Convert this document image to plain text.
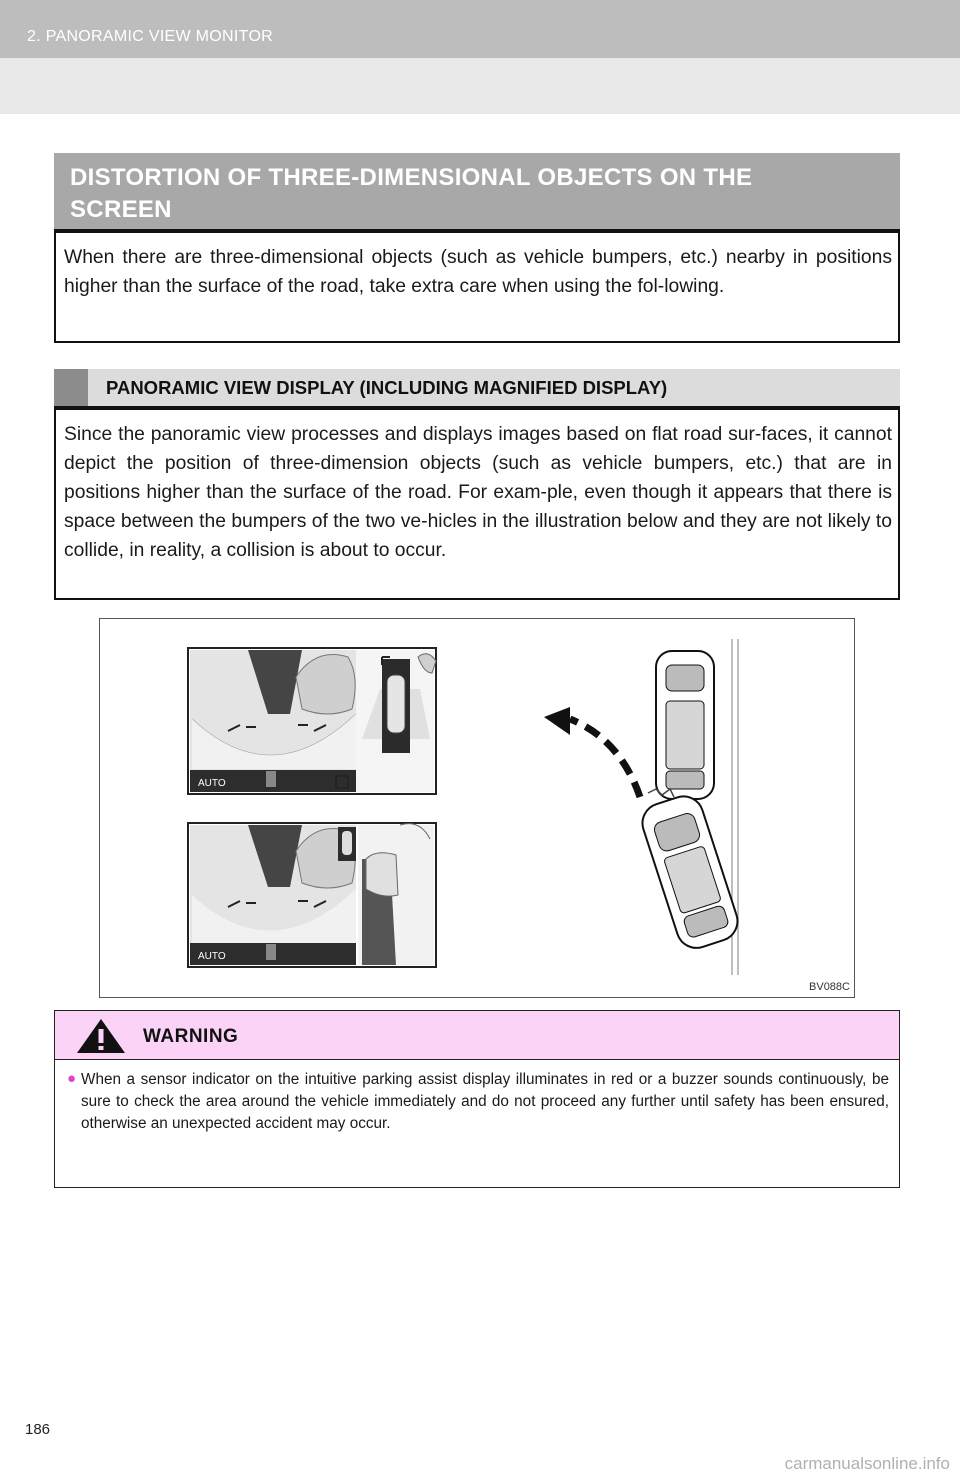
2. PANORAMIC VIEW MONITOR
DISTORTION OF THREE-DIMENSIONAL OBJECTS ON THE SCREEN
When there are three-dimensional objects (such as vehicle bumpers, etc.) nearby in positions higher than the surface of the road, take extra care when using the fol-lowing.
PANORAMIC VIEW DISPLAY (INCLUDING MAGNIFIED DISPLAY)
Since the panoramic view processes and displays images based on flat road sur-faces, it cannot depict the position of three-dimension objects (such as vehicle bumpers, etc.) that are in positions higher than the surface of the road. For exam-ple, even though it appears that there is space between the bumpers of the two ve-hicles in the illustration below and they are not likely to collide, in reality, a collision is about to occur.
AUTO
AUTO
BV088C
WARNING
● When a sensor indicator on the intuitive parking assist display illuminates in red or a buzzer sounds continuously, be sure to check the area around the vehicle immediately and do not proceed any further until safety has been ensured, otherwise an unexpected accident may occur.
186
carmanualsonline.info
